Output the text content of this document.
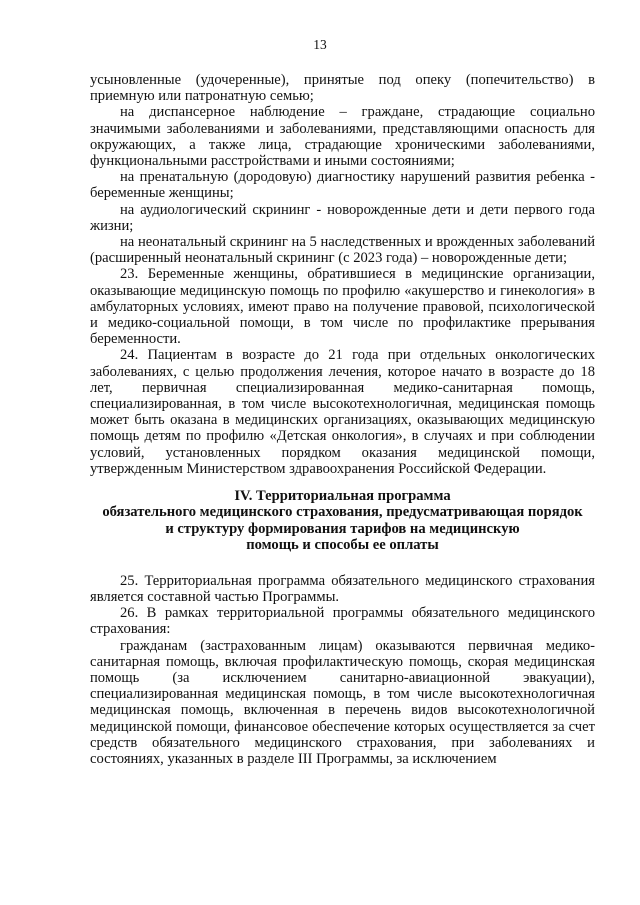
13

усыновленные (удочеренные), принятые под опеку (попечительство) в приемную или патронатную семью;

на диспансерное наблюдение – граждане, страдающие социально значимыми заболеваниями и заболеваниями, представляющими опасность для окружающих, а также лица, страдающие хроническими заболеваниями, функциональными расстройствами и иными состояниями;

на пренатальную (дородовую) диагностику нарушений развития ребенка - беременные женщины;

на аудиологический скрининг - новорожденные дети и дети первого года жизни;

на неонатальный скрининг на 5 наследственных и врожденных заболеваний (расширенный неонатальный скрининг (с 2023 года) – новорожденные дети;

23. Беременные женщины, обратившиеся в медицинские организации, оказывающие медицинскую помощь по профилю «акушерство и гинекология» в амбулаторных условиях, имеют право на получение правовой, психологической и медико-социальной помощи, в том числе по профилактике прерывания беременности.

24. Пациентам в возрасте до 21 года при отдельных онкологических заболеваниях, с целью продолжения лечения, которое начато в возрасте до 18 лет, первичная специализированная медико-санитарная помощь, специализированная, в том числе высокотехнологичная, медицинская помощь может быть оказана в медицинских организациях, оказывающих медицинскую помощь детям по профилю «Детская онкология», в случаях и при соблюдении условий, установленных порядком оказания медицинской помощи, утвержденным Министерством здравоохранения Российской Федерации.

IV. Территориальная программа
обязательного медицинского страхования, предусматривающая порядок
и структуру формирования тарифов на медицинскую
помощь и способы ее оплаты

25. Территориальная программа обязательного медицинского страхования является составной частью Программы.

26. В рамках территориальной программы обязательного медицинского страхования:

гражданам (застрахованным лицам) оказываются первичная медико-санитарная помощь, включая профилактическую помощь, скорая медицинская помощь (за исключением санитарно-авиационной эвакуации), специализированная медицинская помощь, в том числе высокотехнологичная медицинская помощь, включенная в перечень видов высокотехнологичной медицинской помощи, финансовое обеспечение которых осуществляется за счет средств обязательного медицинского страхования, при заболеваниях и состояниях, указанных в разделе III Программы, за исключением
